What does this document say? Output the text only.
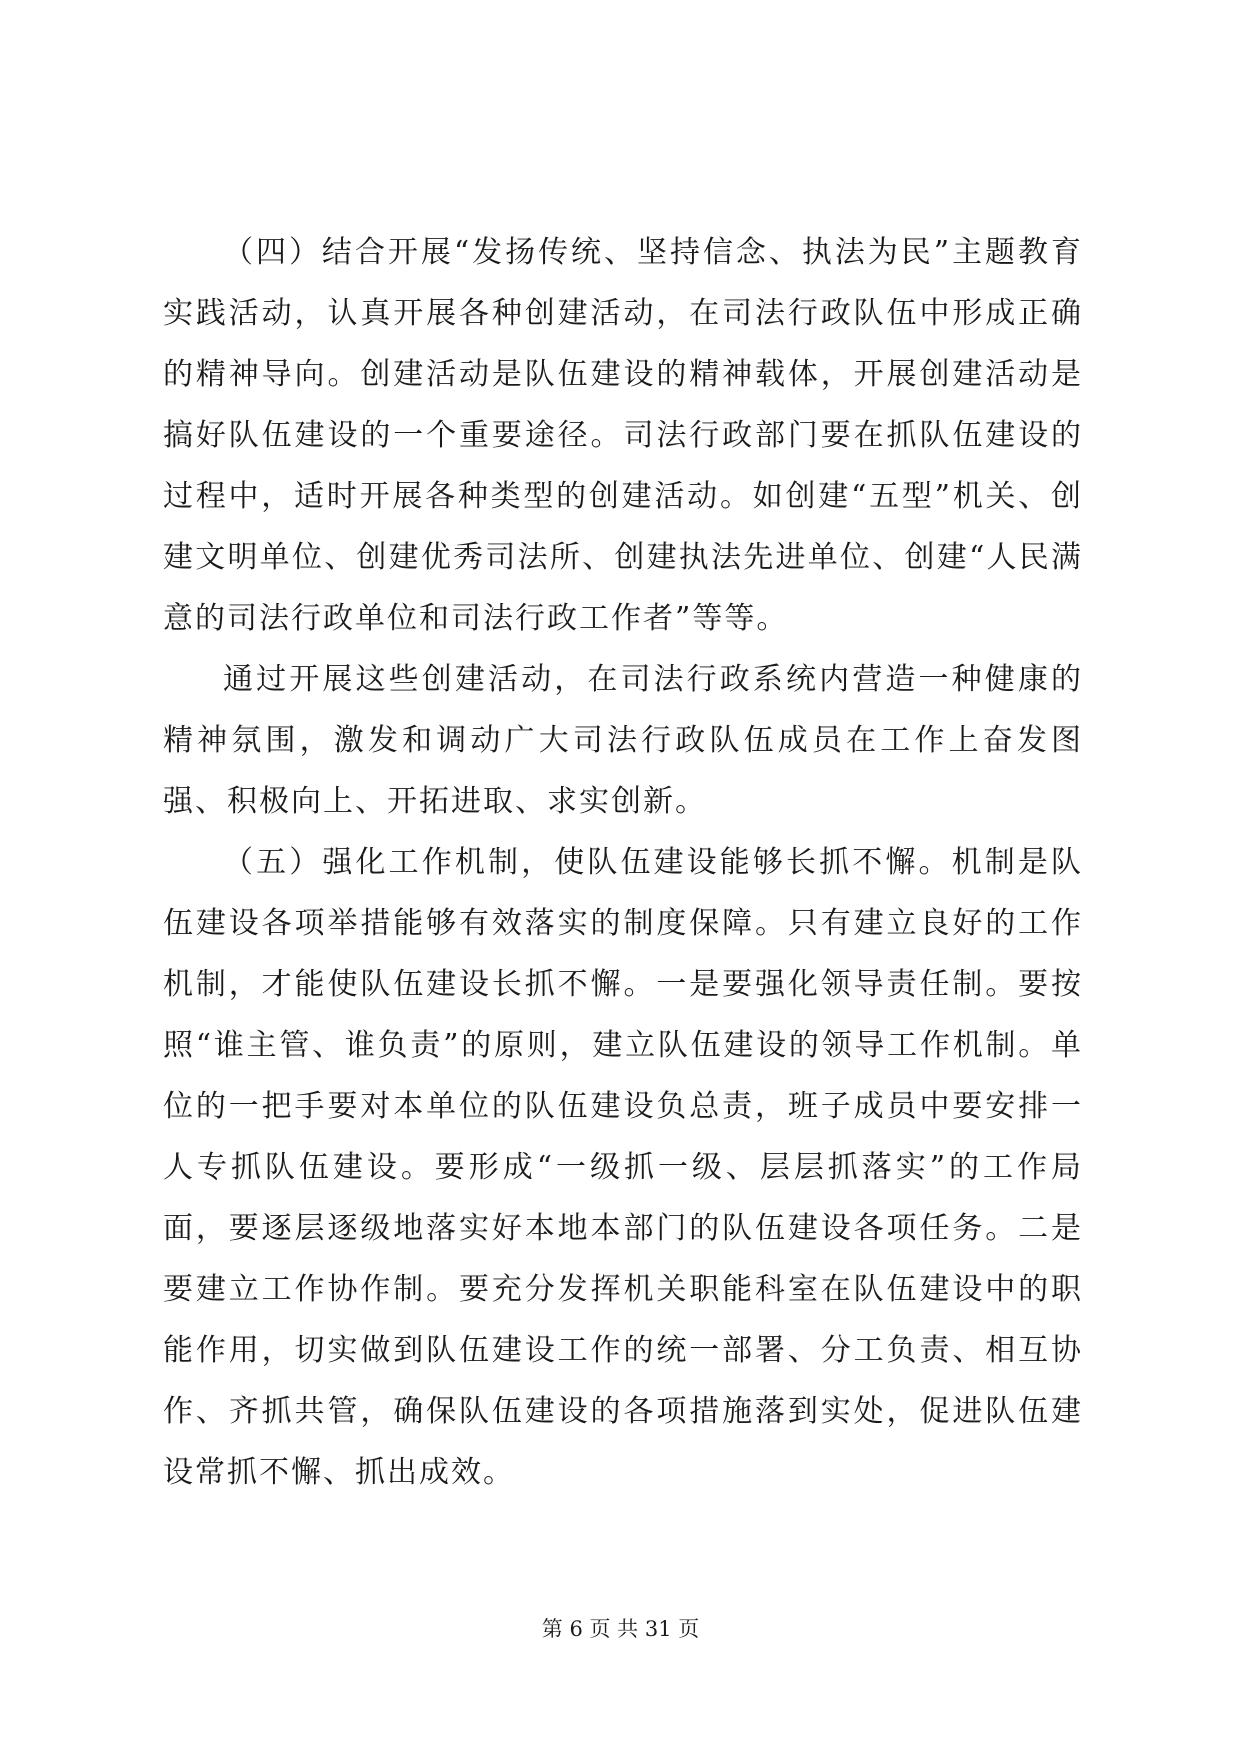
（四）结合开展“发扬传统、坚持信念、执法为民”主题教育实践活动，认真开展各种创建活动，在司法行政队伍中形成正确的精神导向。创建活动是队伍建设的精神载体，开展创建活动是搞好队伍建设的一个重要途径。司法行政部门要在抓队伍建设的过程中，适时开展各种类型的创建活动。如创建“五型”机关、创建文明单位、创建优秀司法所、创建执法先进单位、创建“人民满意的司法行政单位和司法行政工作者”等等。

通过开展这些创建活动，在司法行政系统内营造一种健康的精神氛围，激发和调动广大司法行政队伍成员在工作上奋发图强、积极向上、开拓进取、求实创新。

（五）强化工作机制，使队伍建设能够长抓不懈。机制是队伍建设各项举措能够有效落实的制度保障。只有建立良好的工作机制，才能使队伍建设长抓不懈。一是要强化领导责任制。要按照“谁主管、谁负责”的原则，建立队伍建设的领导工作机制。单位的一把手要对本单位的队伍建设负总责，班子成员中要安排一人专抓队伍建设。要形成“一级抓一级、层层抓落实”的工作局面，要逐层逐级地落实好本地本部门的队伍建设各项任务。二是要建立工作协作制。要充分发挥机关职能科室在队伍建设中的职能作用，切实做到队伍建设工作的统一部署、分工负责、相互协作、齐抓共管，确保队伍建设的各项措施落到实处，促进队伍建设常抓不懈、抓出成效。

第 6 页 共 31 页
